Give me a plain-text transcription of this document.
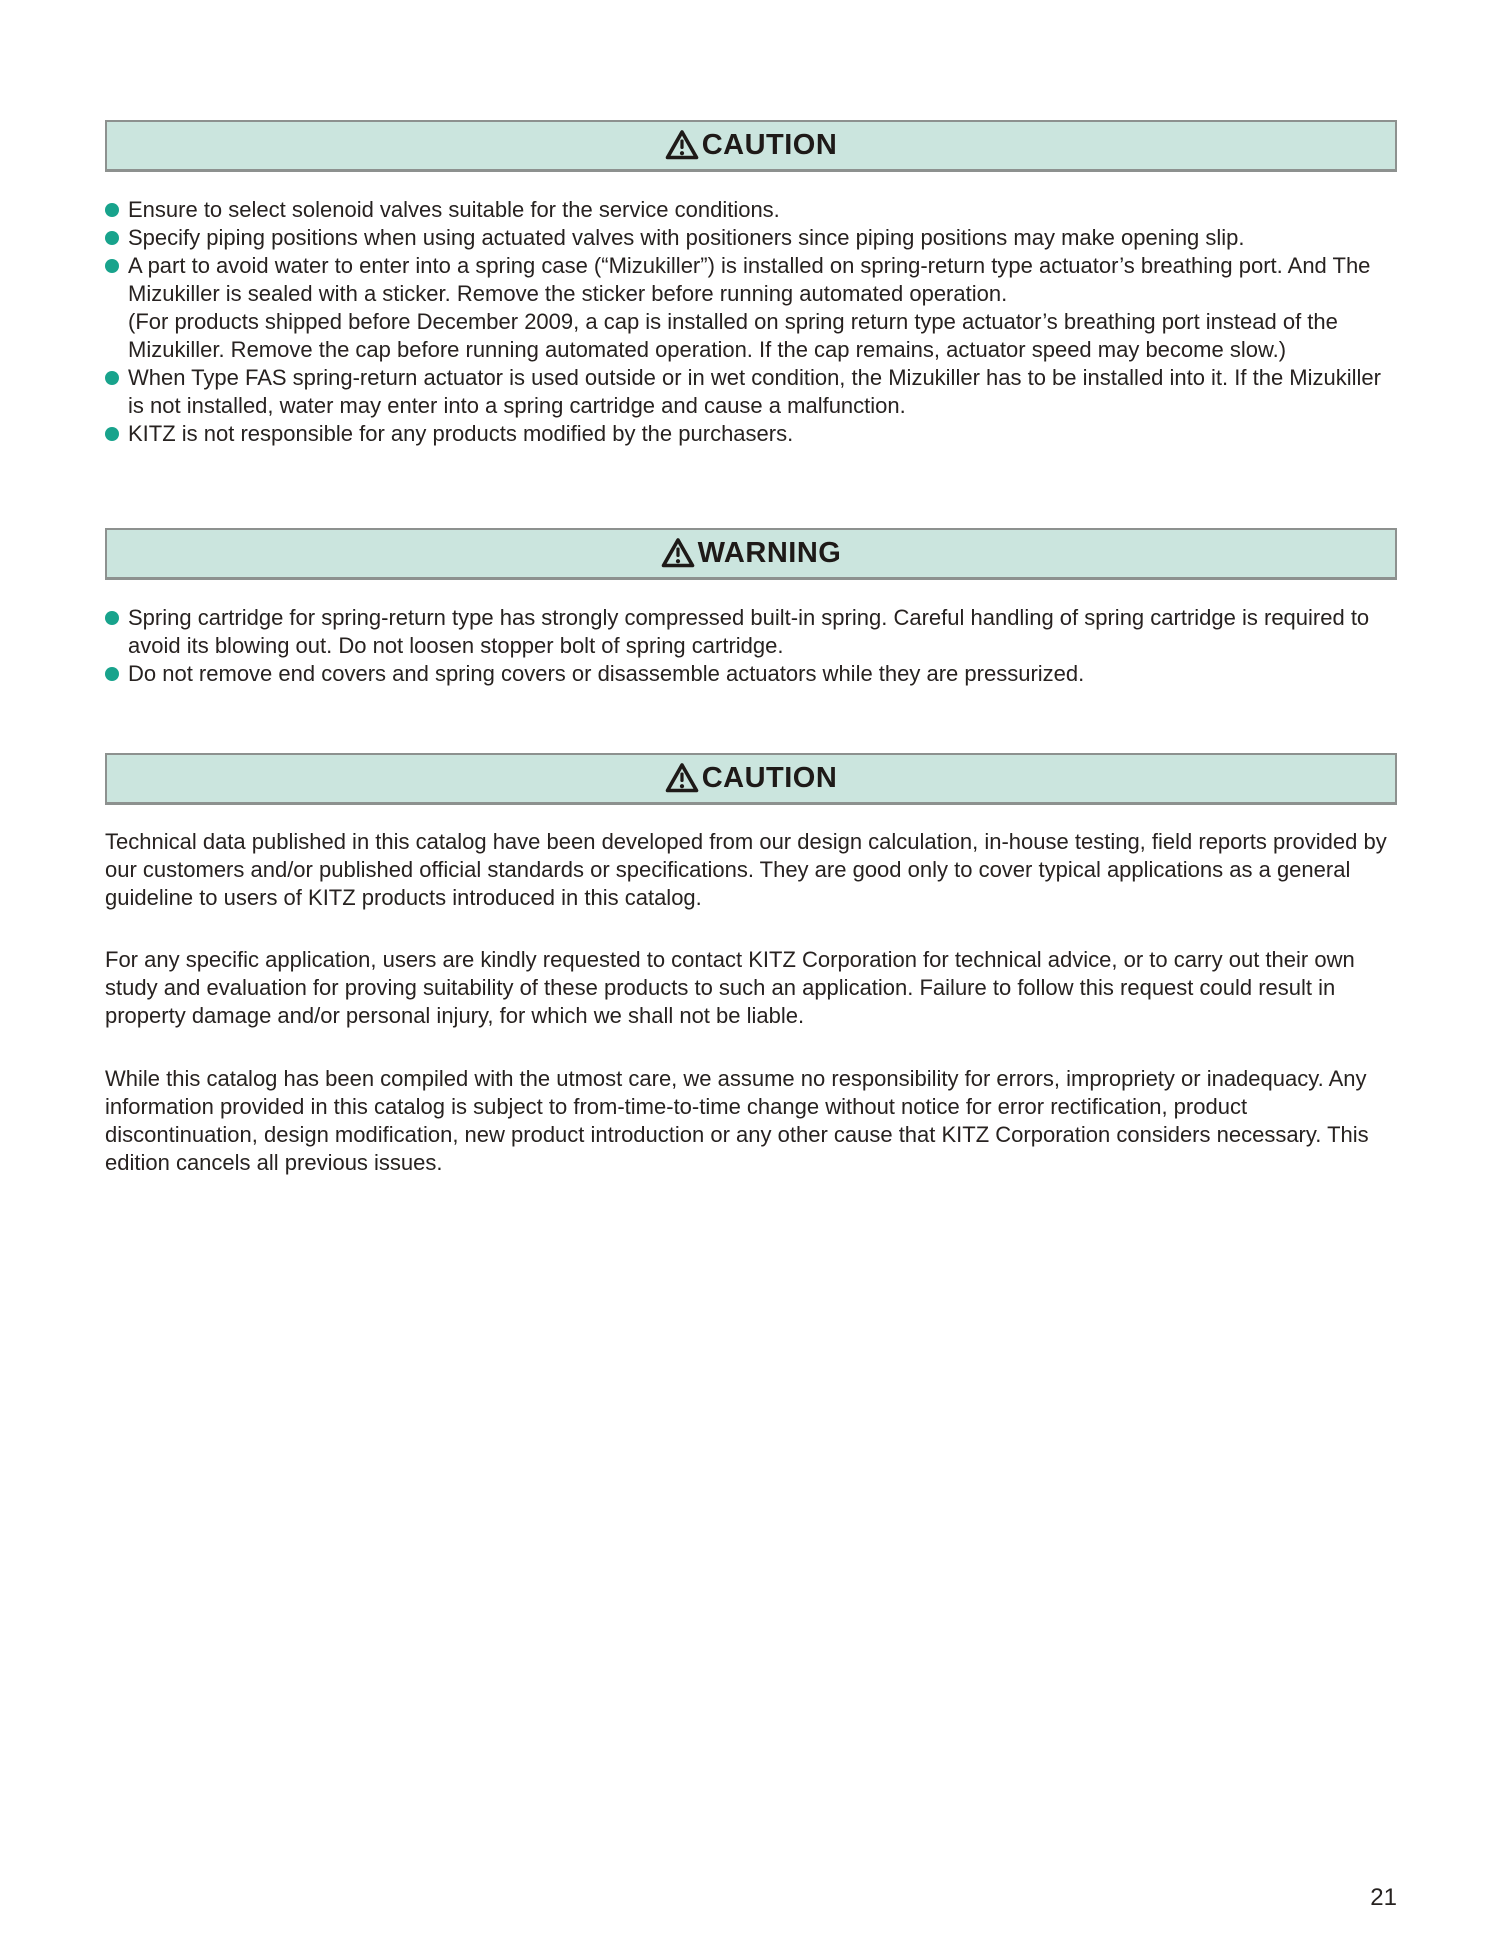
CAUTION
Ensure to select solenoid valves suitable for the service conditions.
Specify piping positions when using actuated valves with positioners since piping positions may make opening slip.
A part to avoid water to enter into a spring case (“Mizukiller”) is installed on spring-return type actuator’s breathing port. And The Mizukiller is sealed with a sticker. Remove the sticker before running automated operation.

(For products shipped before December 2009, a cap is installed on spring return type actuator’s breathing port instead of the Mizukiller. Remove the cap before running automated operation. If the cap remains, actuator speed may become slow.)

When Type FAS spring-return actuator is used outside or in wet condition, the Mizukiller has to be installed into it. If the Mizukiller is not installed, water may enter into a spring cartridge and cause a malfunction.
KITZ is not responsible for any products modified by the purchasers.
WARNING
Spring cartridge for spring-return type has strongly compressed built-in spring. Careful handling of spring cartridge is required to avoid its blowing out. Do not loosen stopper bolt of spring cartridge.
Do not remove end covers and spring covers or disassemble actuators while they are pressurized.
CAUTION

Technical data published in this catalog have been developed from our design calculation, in-house testing, field reports provided by our customers and/or published official standards or specifications. They are good only to cover typical applications as a general guideline to users of KITZ products introduced in this catalog.

For any specific application, users are kindly requested to contact KITZ Corporation for technical advice, or to carry out their own study and evaluation for proving suitability of these products to such an application. Failure to follow this request could result in property damage and/or personal injury, for which we shall not be liable.

While this catalog has been compiled with the utmost care, we assume no responsibility for errors, impropriety or inadequacy. Any information provided in this catalog is subject to from-time-to-time change without notice for error rectification, product discontinuation, design modification, new product introduction or any other cause that KITZ Corporation considers necessary. This edition cancels all previous issues.

21
